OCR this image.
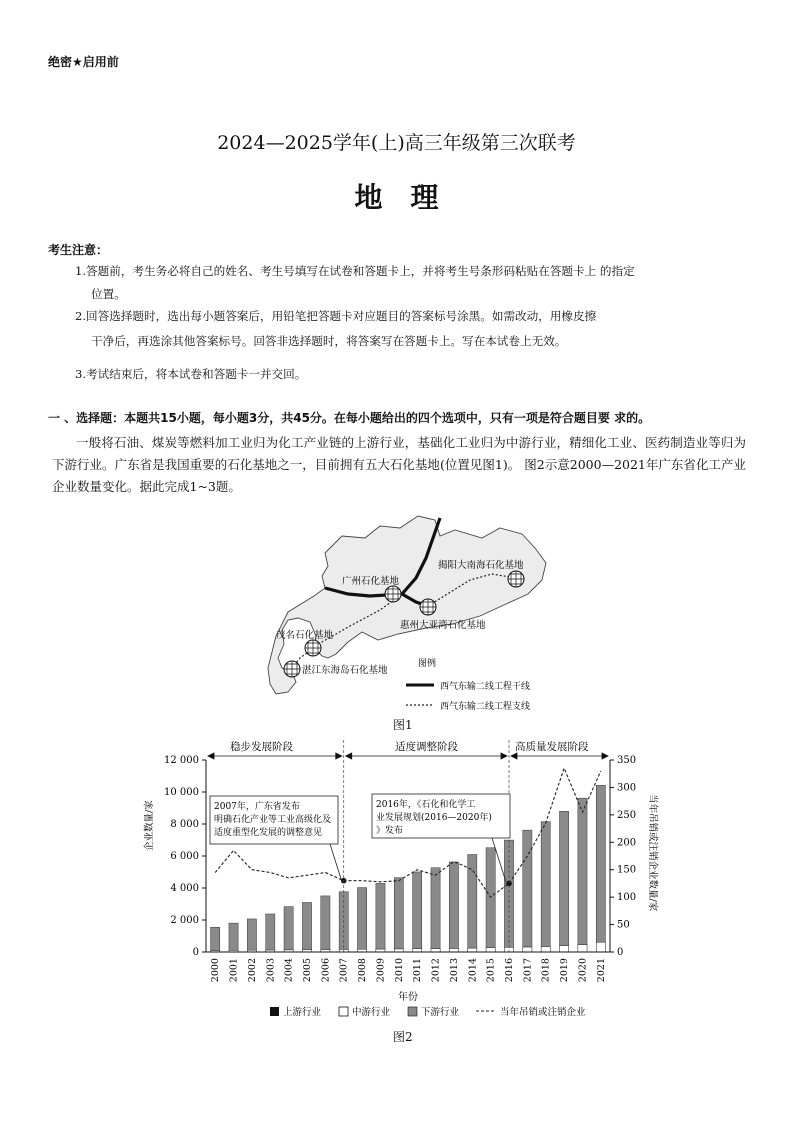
绝密★启用前
2024—2025学年(上)高三年级第三次联考
地理
考生注意：
1.答题前，考生务必将自己的姓名、考生号填写在试卷和答题卡上，并将考生号条形码粘贴在答题卡上 的指定
位置。
2.回答选择题时，选出每小题答案后，用铅笔把答题卡对应题目的答案标号涂黑。如需改动，用橡皮擦
干净后，再选涂其他答案标号。回答非选择题时，将答案写在答题卡上。写在本试卷上无效。
3.考试结束后，将本试卷和答题卡一并交回。
一 、选择题：本题共15小题，每小题3分，共45分。在每小题给出的四个选项中，只有一项是符合题目要 求的。
一般将石油、煤炭等燃料加工业归为化工产业链的上游行业，基础化工业归为中游行业，精细化工业、医药制造业等归为下游行业。广东省是我国重要的石化基地之一，目前拥有五大石化基地(位置见图1)。 图2示意2000—2021年广东省化工产业企业数量变化。据此完成1~3题。
广州石化基地
揭阳大南海石化基地
惠州大亚湾石化基地
茂名石化基地
湛江东海岛石化基地
图例
西气东输二线工程干线
西气东输二线工程支线
图1
0
2 000
4 000
6 000
8 000
10 000
12 000
0
50
100
150
200
250
300
350
2000 2001 2002 2003 2004 2005 2006 2007 2008 2009 2010 2011 2012 2013 2014 2015 2016 2017 2018 2019 2020 2021
企业数量/家	当年吊销或注销企业数量/家
年份
稳步发展阶段	适度调整阶段	高质量发展阶段
2007年，广东省发布明确石化产业等工业高级化及适度重型化发展的调整意见
2016年，《石化和化学工业发展规划(2016—2020年)》发布
上游行业	中游行业	下游行业	当年吊销或注销企业
图2
